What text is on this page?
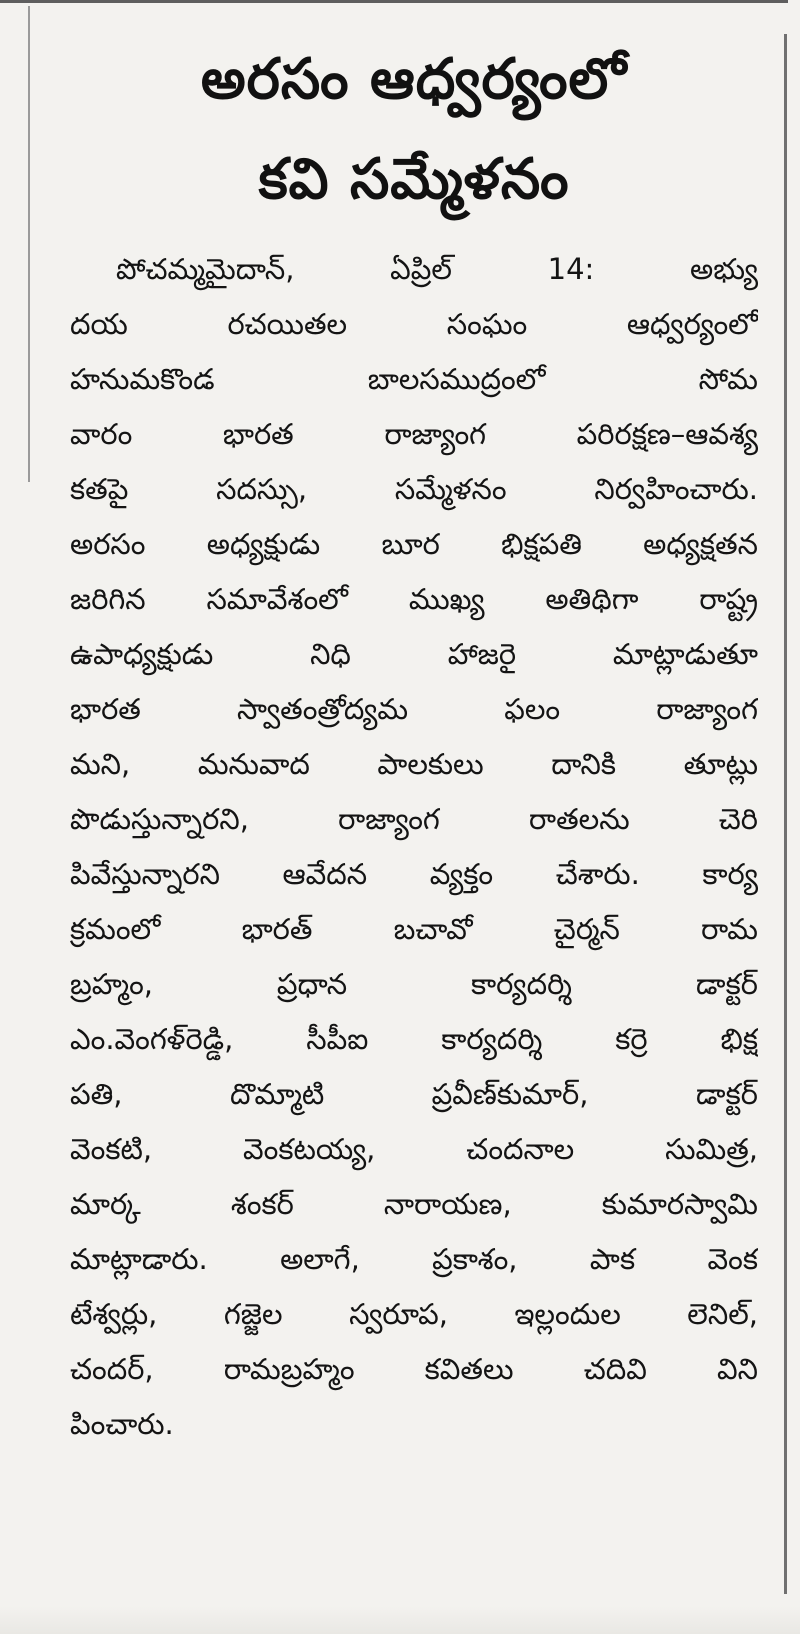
అరసం ఆధ్వర్యంలో
కవి సమ్మేళనం
పోచమ్మమైదాన్, ఏప్రిల్ 14: అభ్యు
దయ రచయితల సంఘం ఆధ్వర్యంలో
హనుమకొండ బాలసముద్రంలో సోమ
వారం భారత రాజ్యాంగ పరిరక్షణ–ఆవశ్య
కతపై సదస్సు, సమ్మేళనం నిర్వహించారు.
అరసం అధ్యక్షుడు బూర భిక్షపతి అధ్యక్షతన
జరిగిన సమావేశంలో ముఖ్య అతిథిగా రాష్ట్ర
ఉపాధ్యక్షుడు నిధి హాజరై మాట్లాడుతూ
భారత స్వాతంత్రోద్యమ ఫలం రాజ్యాంగ
మని, మనువాద పాలకులు దానికి తూట్లు
పొడుస్తున్నారని, రాజ్యాంగ రాతలను చెరి
పివేస్తున్నారని ఆవేదన వ్యక్తం చేశారు. కార్య
క్రమంలో భారత్ బచావో చైర్మన్ రామ
బ్రహ్మం, ప్రధాన కార్యదర్శి డాక్టర్
ఎం.వెంగళ్‌రెడ్డి, సీపీఐ కార్యదర్శి కర్రె భిక్ష
పతి, దొమ్మాటి ప్రవీణ్‌కుమార్, డాక్టర్
వెంకటి, వెంకటయ్య, చందనాల సుమిత్ర,
మార్క శంకర్ నారాయణ, కుమారస్వామి
మాట్లాడారు. అలాగే, ప్రకాశం, పాక వెంక
టేశ్వర్లు, గజ్జెల స్వరూప, ఇల్లందుల లెనిల్,
చందర్, రామబ్రహ్మం కవితలు చదివి విని
పించారు.
